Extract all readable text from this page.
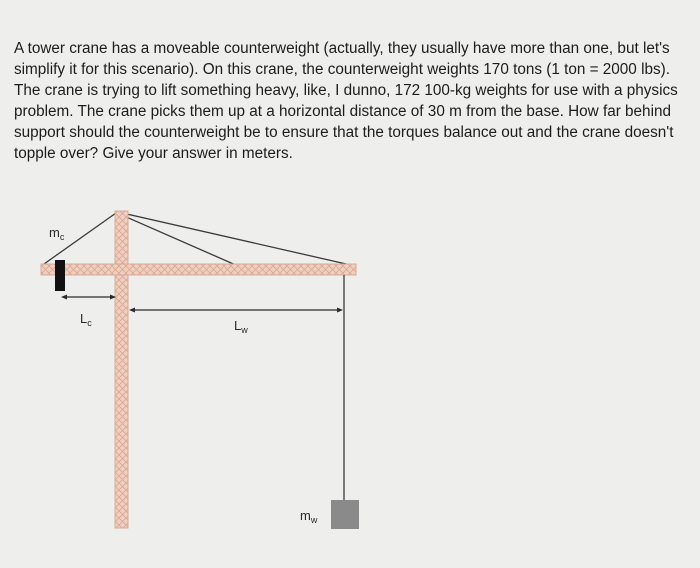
A tower crane has a moveable counterweight (actually, they usually have more than one, but let's
simplify it for this scenario). On this crane, the counterweight weights 170 tons (1 ton = 2000 lbs).
The crane is trying to lift something heavy, like, I dunno, 172 100-kg weights for use with a physics
problem. The crane picks them up at a horizontal distance of 30 m from the base. How far behind
support should the counterweight be to ensure that the torques balance out and the crane doesn't
topple over? Give your answer in meters.
$m_c$
$L_c$	$L_w$
$m_w$
